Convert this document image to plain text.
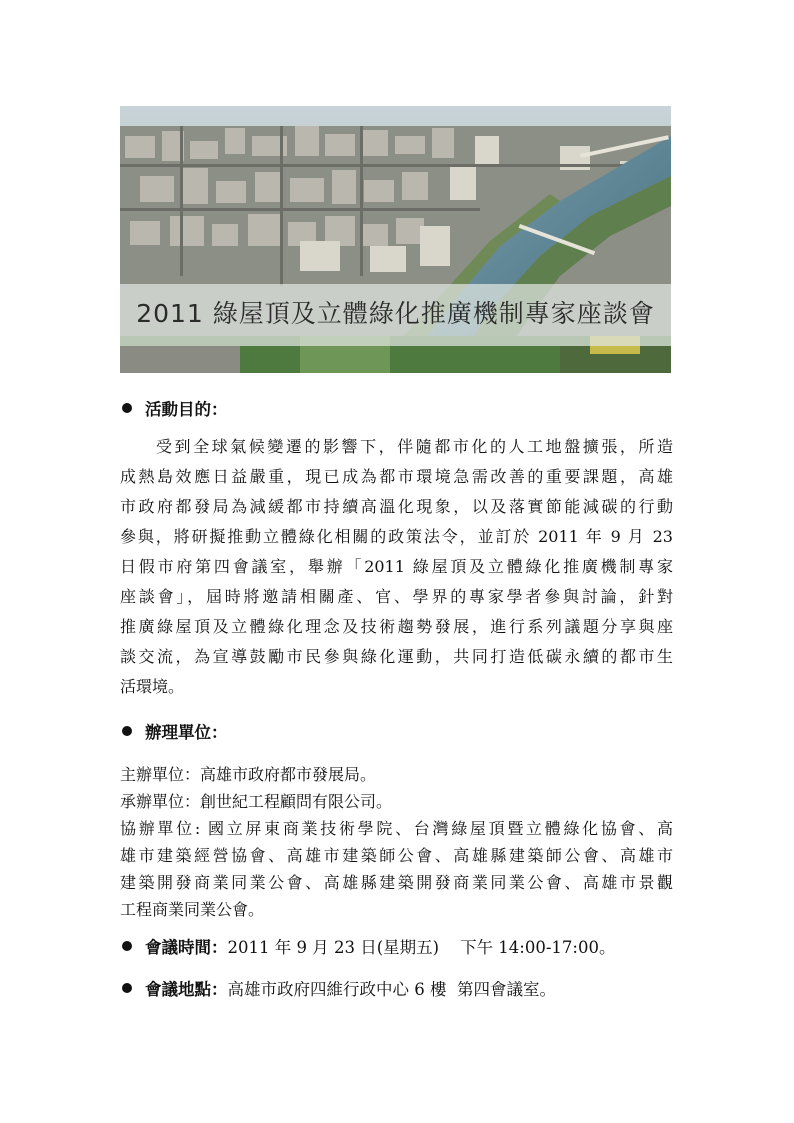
2011 綠屋頂及立體綠化推廣機制專家座談會
活動目的：
受到全球氣候變遷的影響下，伴隨都市化的人工地盤擴張，所造
成熱島效應日益嚴重，現已成為都市環境急需改善的重要課題，高雄
市政府都發局為減緩都市持續高溫化現象，以及落實節能減碳的行動
參與，將研擬推動立體綠化相關的政策法令，並訂於 2011 年 9 月 23
日假市府第四會議室，舉辦「2011 綠屋頂及立體綠化推廣機制專家
座談會」，屆時將邀請相關產、官、學界的專家學者參與討論，針對
推廣綠屋頂及立體綠化理念及技術趨勢發展，進行系列議題分享與座
談交流，為宣導鼓勵市民參與綠化運動，共同打造低碳永續的都市生
活環境。
辦理單位：
主辦單位：高雄市政府都市發展局。
承辦單位：創世紀工程顧問有限公司。
協辦單位: 國立屏東商業技術學院、台灣綠屋頂暨立體綠化協會、高
雄市建築經營協會、高雄市建築師公會、高雄縣建築師公會、高雄市
建築開發商業同業公會、高雄縣建築開發商業同業公會、高雄市景觀
工程商業同業公會。
會議時間： 2011 年 9 月 23 日(星期五)    下午 14:00-17:00。
會議地點： 高雄市政府四維行政中心 6 樓  第四會議室。
